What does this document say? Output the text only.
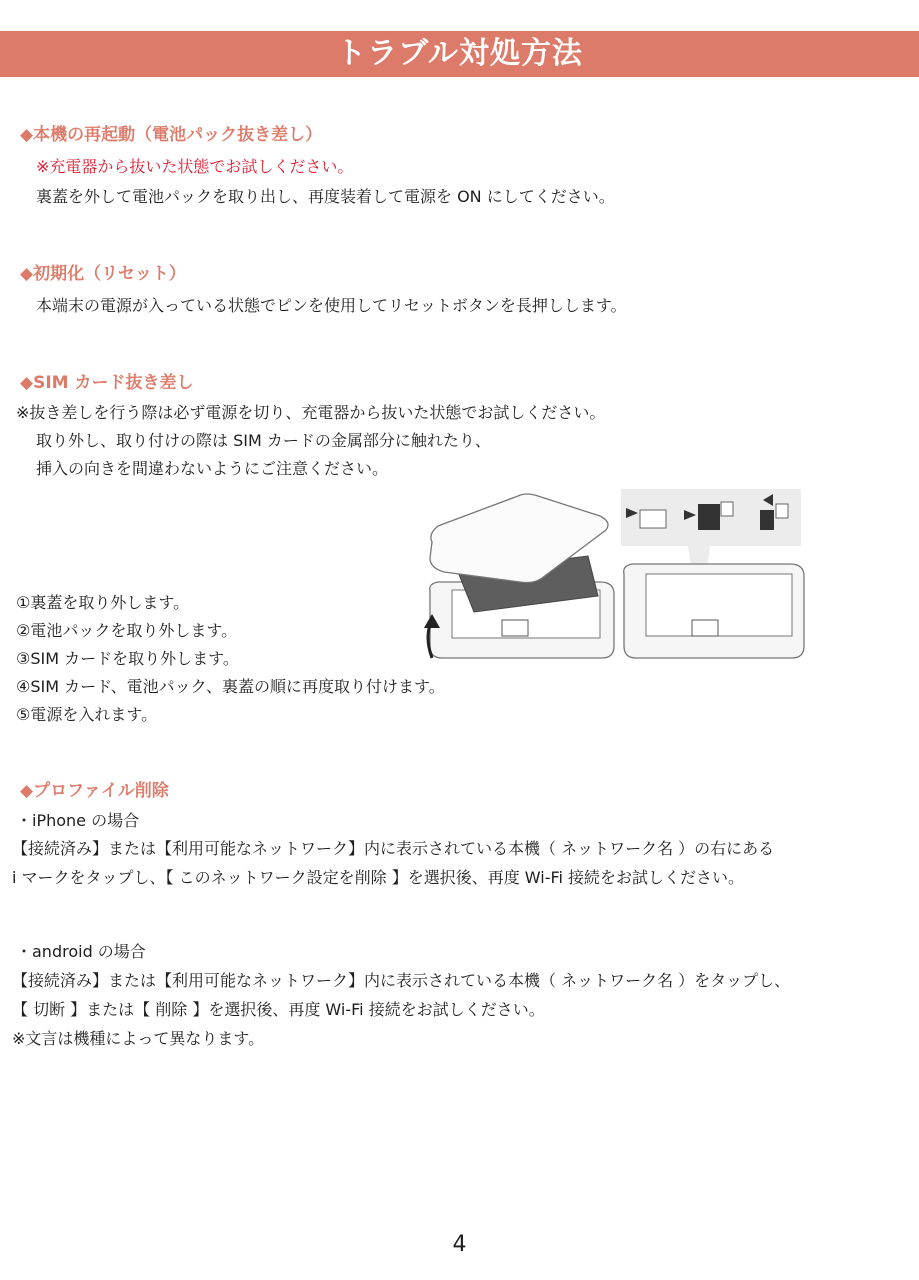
トラブル対処方法
◆本機の再起動（電池パック抜き差し）
※充電器から抜いた状態でお試しください。
裏蓋を外して電池パックを取り出し、再度装着して電源を ON にしてください。
◆初期化（リセット）
本端末の電源が入っている状態でピンを使用してリセットボタンを長押しします。
◆SIM カード抜き差し
※抜き差しを行う際は必ず電源を切り、充電器から抜いた状態でお試しください。
取り外し、取り付けの際は SIM カードの金属部分に触れたり、
挿入の向きを間違わないようにご注意ください。
①裏蓋を取り外します。
②電池パックを取り外します。
③SIM カードを取り外します。
④SIM カード、電池パック、裏蓋の順に再度取り付けます。
⑤電源を入れます。
◆プロファイル削除
・iPhone の場合
【接続済み】または【利用可能なネットワーク】内に表示されている本機（ ネットワーク名 ）の右にある
i マークをタップし、【 このネットワーク設定を削除 】を選択後、再度 Wi-Fi 接続をお試しください。
・android の場合
【接続済み】または【利用可能なネットワーク】内に表示されている本機（ ネットワーク名 ）をタップし、
【 切断 】または【 削除 】を選択後、再度 Wi-Fi 接続をお試しください。
※文言は機種によって異なります。
4
